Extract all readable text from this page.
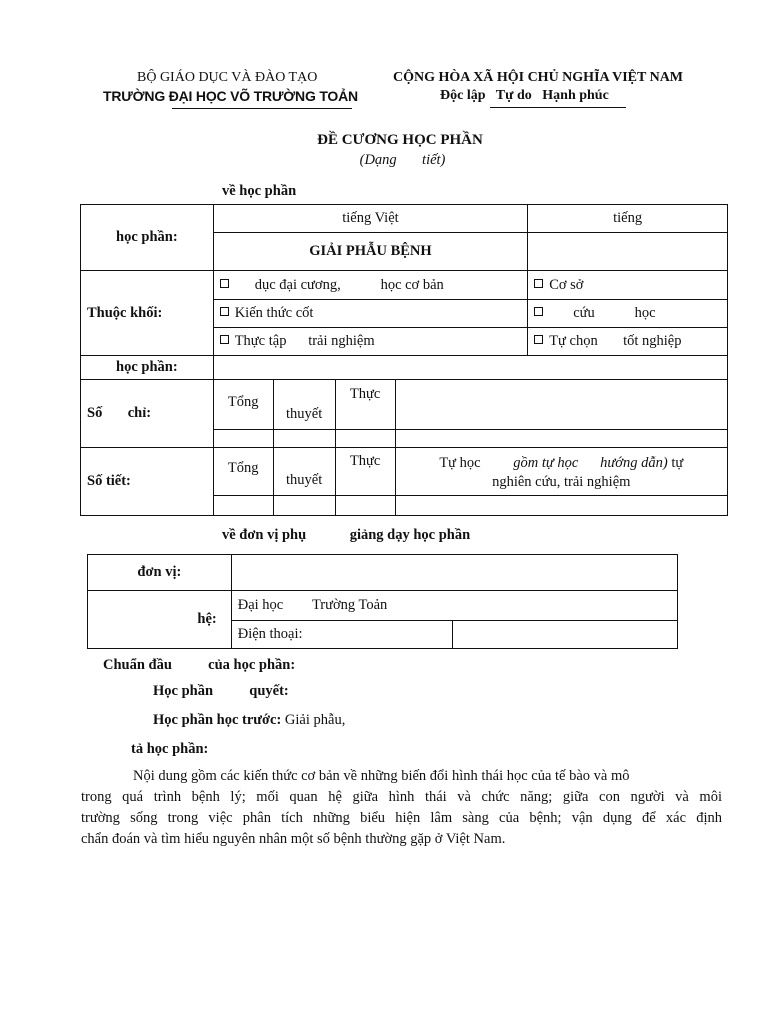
BỘ GIÁO DỤC VÀ ĐÀO TẠO
TRƯỜNG ĐẠI HỌC VÕ TRƯỜNG TOẢN
CỘNG HÒA XÃ HỘI CHỦ NGHĨA VIỆT NAM
Độc lập   Tự do   Hạnh phúc
ĐỀ CƯƠNG HỌC PHẦN
(Dạng       tiết)
về học phần
học phần:	tiếng Việt				tiếng
	GIẢI PHẪU BỆNH				
Thuộc khối:	dục đại cương,           học cơ bản				Cơ sở
	Kiến thức cốt				cứu           học
	Thực tập      trải nghiệm				Tự chọn       tốt nghiệp
học phần:					
Số       chỉ:	Tổng	thuyết	Thực		

Số tiết:	Tổng	thuyết	Thực	Tự học gồm tự học      hướng dẫn) tự
nghiên cứu, trải nghiệm	

về đơn vị phụ            giảng dạy học phần
đơn vị:		
hệ:	Đại học        Trường Toản	
	Điện thoại:	
Chuẩn đầu          của học phần:
Học phần          quyết:
Học phần học trước: Giải phẫu,
tả học phần:
Nội dung gồm các kiến thức cơ bản về những biến đổi hình thái học của tế bào và mô
trong quá trình bệnh lý; mối quan hệ giữa hình thái và chức năng; giữa con người và môi
trường sống trong việc phân tích những biểu hiện lâm sàng của bệnh; vận dụng để xác định
chẩn đoán và tìm hiểu nguyên nhân một số bệnh thường gặp ở Việt Nam.
